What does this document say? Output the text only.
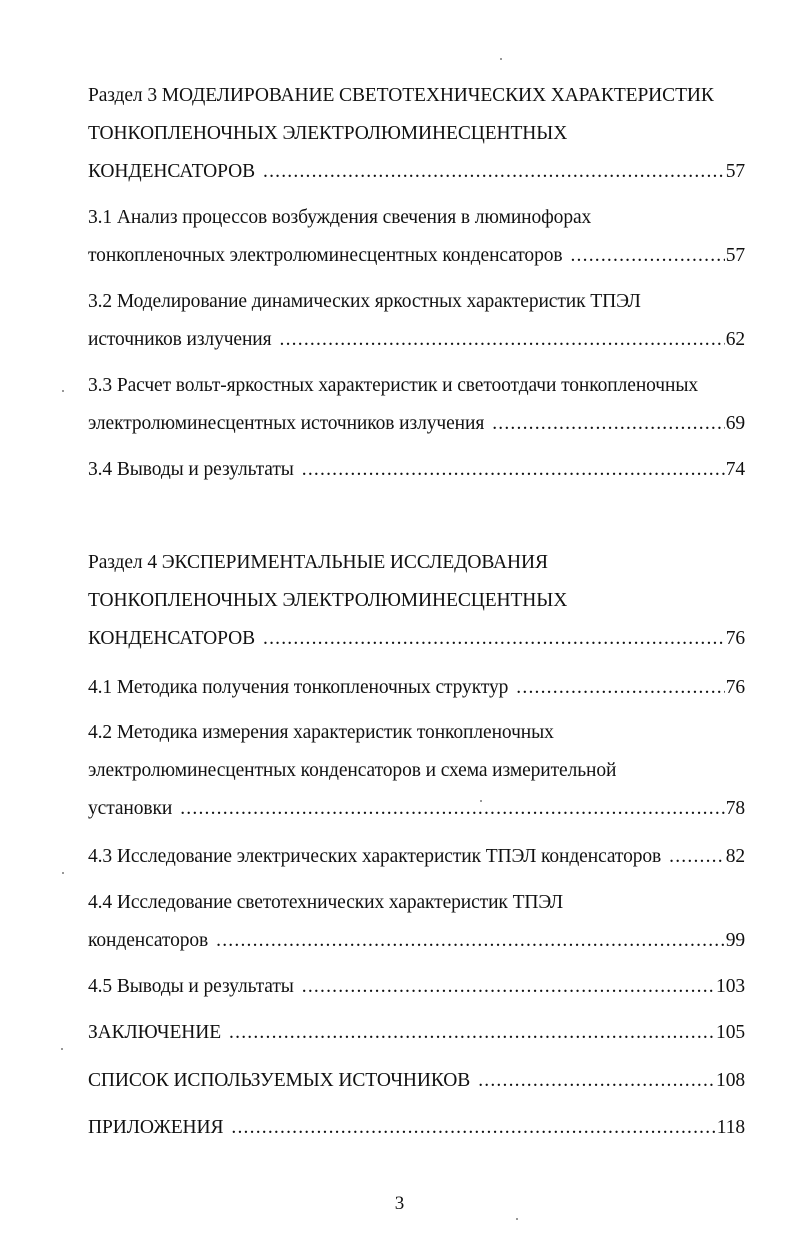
Раздел 3 МОДЕЛИРОВАНИЕ СВЕТОТЕХНИЧЕСКИХ ХАРАКТЕРИСТИК
ТОНКОПЛЕНОЧНЫХ ЭЛЕКТРОЛЮМИНЕСЦЕНТНЫХ
КОНДЕНСАТОРОВ .....	57
3.1 Анализ процессов возбуждения свечения в люминофорах
тонкопленочных электролюминесцентных конденсаторов .....	57
3.2 Моделирование динамических яркостных характеристик ТПЭЛ
источников излучения .....	62
3.3 Расчет вольт-яркостных характеристик и светоотдачи тонкопленочных
электролюминесцентных источников излучения .....	69
3.4 Выводы и результаты .....	74
Раздел 4 ЭКСПЕРИМЕНТАЛЬНЫЕ ИССЛЕДОВАНИЯ
ТОНКОПЛЕНОЧНЫХ ЭЛЕКТРОЛЮМИНЕСЦЕНТНЫХ
КОНДЕНСАТОРОВ .....	76
4.1 Методика получения тонкопленочных структур .....	76
4.2 Методика измерения характеристик тонкопленочных
электролюминесцентных конденсаторов и схема измерительной
установки .....	78
4.3 Исследование электрических характеристик ТПЭЛ конденсаторов .....	82
4.4 Исследование светотехнических характеристик ТПЭЛ
конденсаторов .....	99
4.5 Выводы и результаты .....	103
ЗАКЛЮЧЕНИЕ .....	105
СПИСОК ИСПОЛЬЗУЕМЫХ ИСТОЧНИКОВ .....	108
ПРИЛОЖЕНИЯ .....	118
3
